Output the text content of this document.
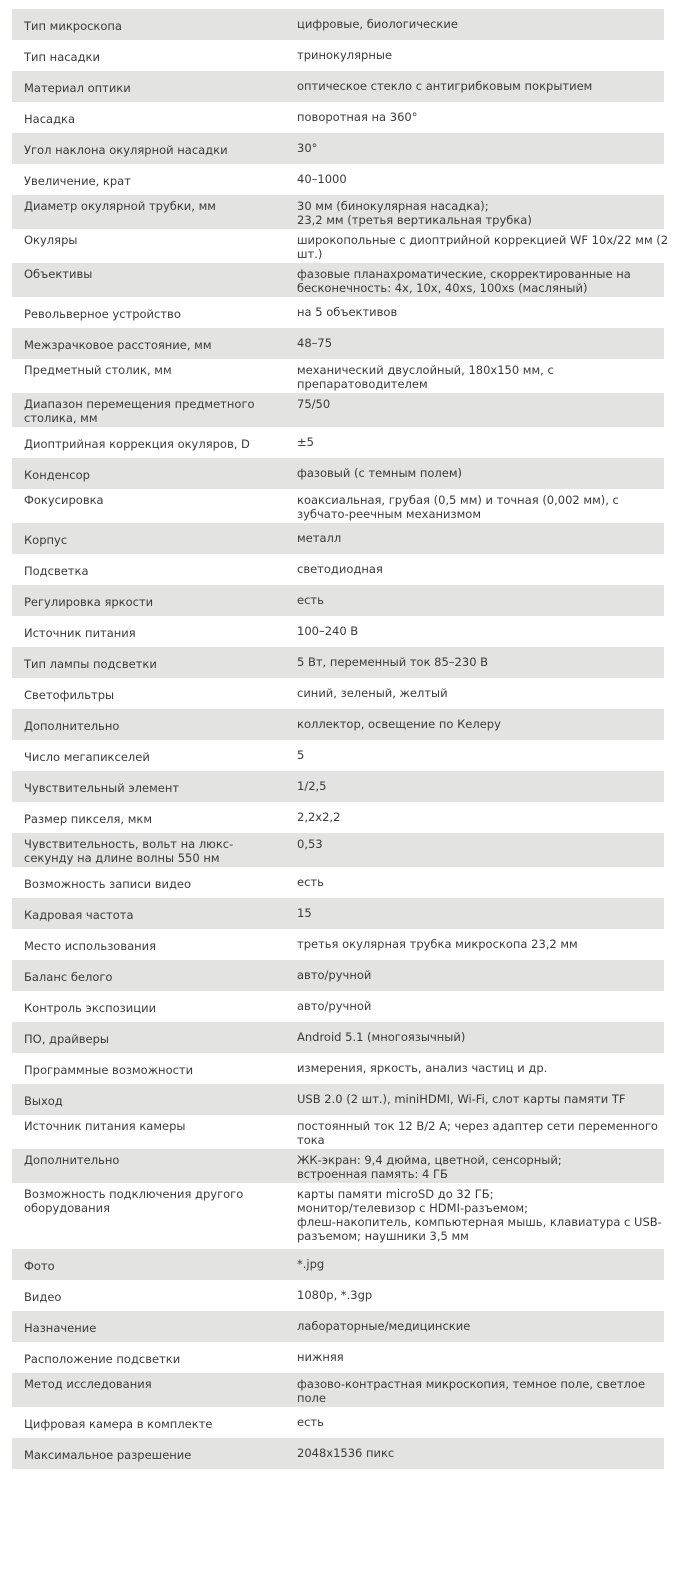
Тип микроскопа	цифровые, биологические

Тип насадки	тринокулярные

Материал оптики	оптическое стекло с антигрибковым покрытием

Насадка	поворотная на 360°

Угол наклона окулярной насадки	30°

Увеличение, крат	40–1000

Диаметр окулярной трубки, мм	30 мм (бинокулярная насадка);
23,2 мм (третья вертикальная трубка)

Окуляры	широкопольные с диоптрийной коррекцией WF 10x/22 мм (2
шт.)

Объективы	фазовые планахроматические, скорректированные на
бесконечность: 4x, 10x, 40xs, 100xs (масляный)

Револьверное устройство	на 5 объективов

Межзрачковое расстояние, мм	48–75

Предметный столик, мм	механический двуслойный, 180x150 мм, с
препаратоводителем

Диапазон перемещения предметного
столика, мм	75/50

Диоптрийная коррекция окуляров, D	±5

Конденсор	фазовый (с темным полем)

Фокусировка	коаксиальная, грубая (0,5 мм) и точная (0,002 мм), с
зубчато-реечным механизмом

Корпус	металл

Подсветка	светодиодная

Регулировка яркости	есть

Источник питания	100–240 В

Тип лампы подсветки	5 Вт, переменный ток 85–230 В

Светофильтры	синий, зеленый, желтый

Дополнительно	коллектор, освещение по Келеру

Число мегапикселей	5

Чувствительный элемент	1/2,5

Размер пикселя, мкм	2,2x2,2

Чувствительность, вольт на люкс-
секунду на длине волны 550 нм	0,53

Возможность записи видео	есть

Кадровая частота	15

Место использования	третья окулярная трубка микроскопа 23,2 мм

Баланс белого	авто/ручной

Контроль экспозиции	авто/ручной

ПО, драйверы	Android 5.1 (многоязычный)

Программные возможности	измерения, яркость, анализ частиц и др.

Выход	USB 2.0 (2 шт.), miniHDMI, Wi-Fi, слот карты памяти TF

Источник питания камеры	постоянный ток 12 В/2 А; через адаптер сети переменного
тока

Дополнительно	ЖК-экран: 9,4 дюйма, цветной, сенсорный;
встроенная память: 4 ГБ

Возможность подключения другого
оборудования	карты памяти microSD до 32 ГБ;
монитор/телевизор с HDMI-разъемом;
флеш-накопитель, компьютерная мышь, клавиатура с USB-
разъемом; наушники 3,5 мм

Фото	*.jpg

Видео	1080p, *.3gp

Назначение	лабораторные/медицинские

Расположение подсветки	нижняя

Метод исследования	фазово-контрастная микроскопия, темное поле, светлое
поле

Цифровая камера в комплекте	есть

Максимальное разрешение	2048x1536 пикс
